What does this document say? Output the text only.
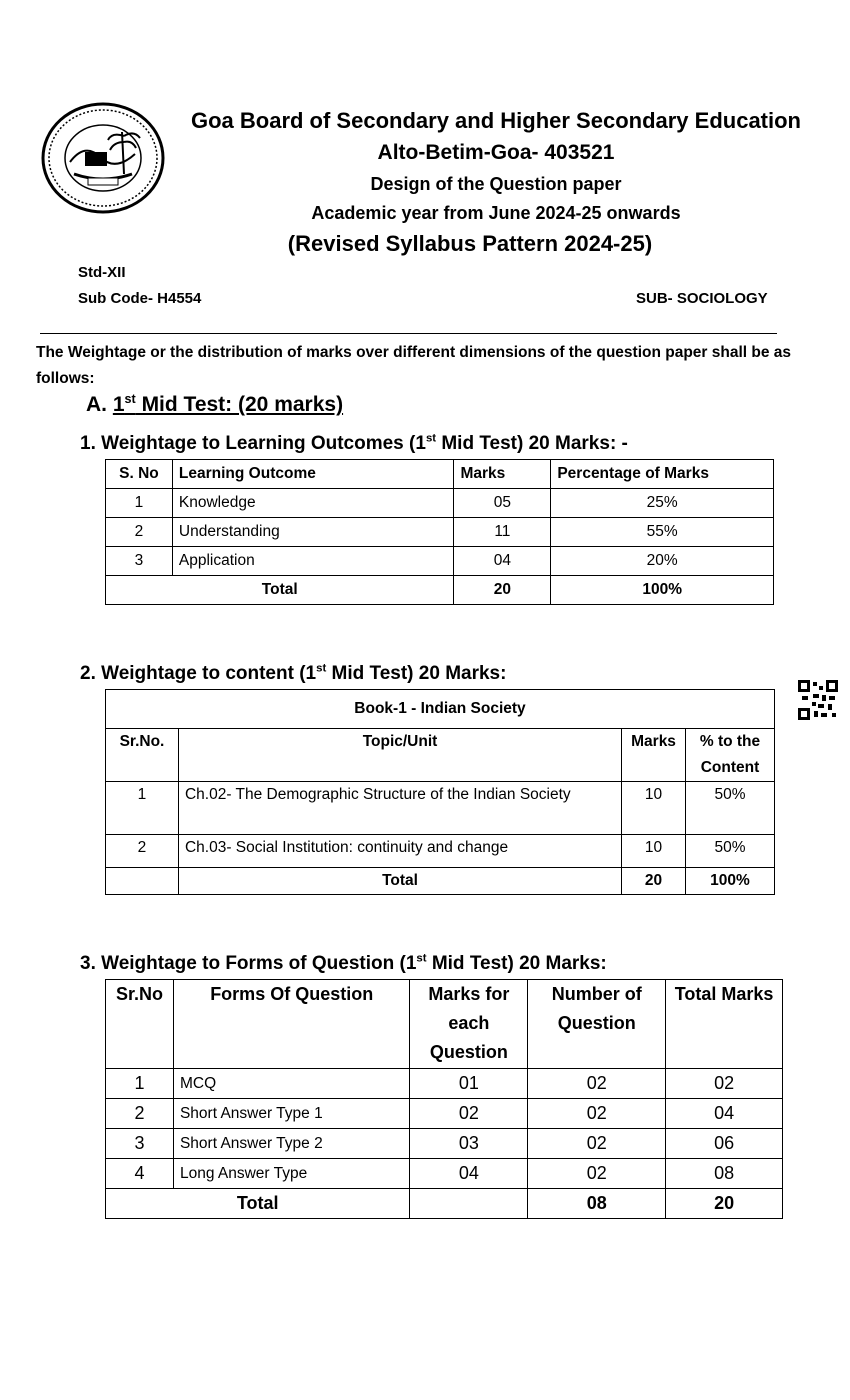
Goa Board of Secondary and Higher Secondary Education
Alto-Betim-Goa- 403521
Design of the Question paper
Academic year from June 2024-25 onwards
(Revised Syllabus Pattern 2024-25)
Std-XII
Sub Code- H4554	SUB- SOCIOLOGY
The Weightage or the distribution of marks over different dimensions of the question paper shall be as follows:
A. 1st Mid Test: (20 marks)
1. Weightage to Learning Outcomes (1st Mid Test) 20 Marks: -
S. No	Learning Outcome	Marks	Percentage of Marks
1	Knowledge	05	25%
2	Understanding	11	55%
3	Application	04	20%
Total		20	100%
2. Weightage to content (1st Mid Test) 20 Marks:
Book-1 - Indian Society			
Sr.No.	Topic/Unit	Marks	% to the Content
1	Ch.02- The Demographic Structure of the Indian Society	10	50%
2	Ch.03- Social Institution: continuity and change	10	50%
	Total	20	100%
3. Weightage to Forms of Question (1st Mid Test) 20 Marks:
Sr.No	Forms Of Question	Marks for each Question	Number of Question	Total Marks
1	MCQ	01	02	02
2	Short Answer Type 1	02	02	04
3	Short Answer Type 2	03	02	06
4	Long Answer Type	04	02	08
Total			08	20
